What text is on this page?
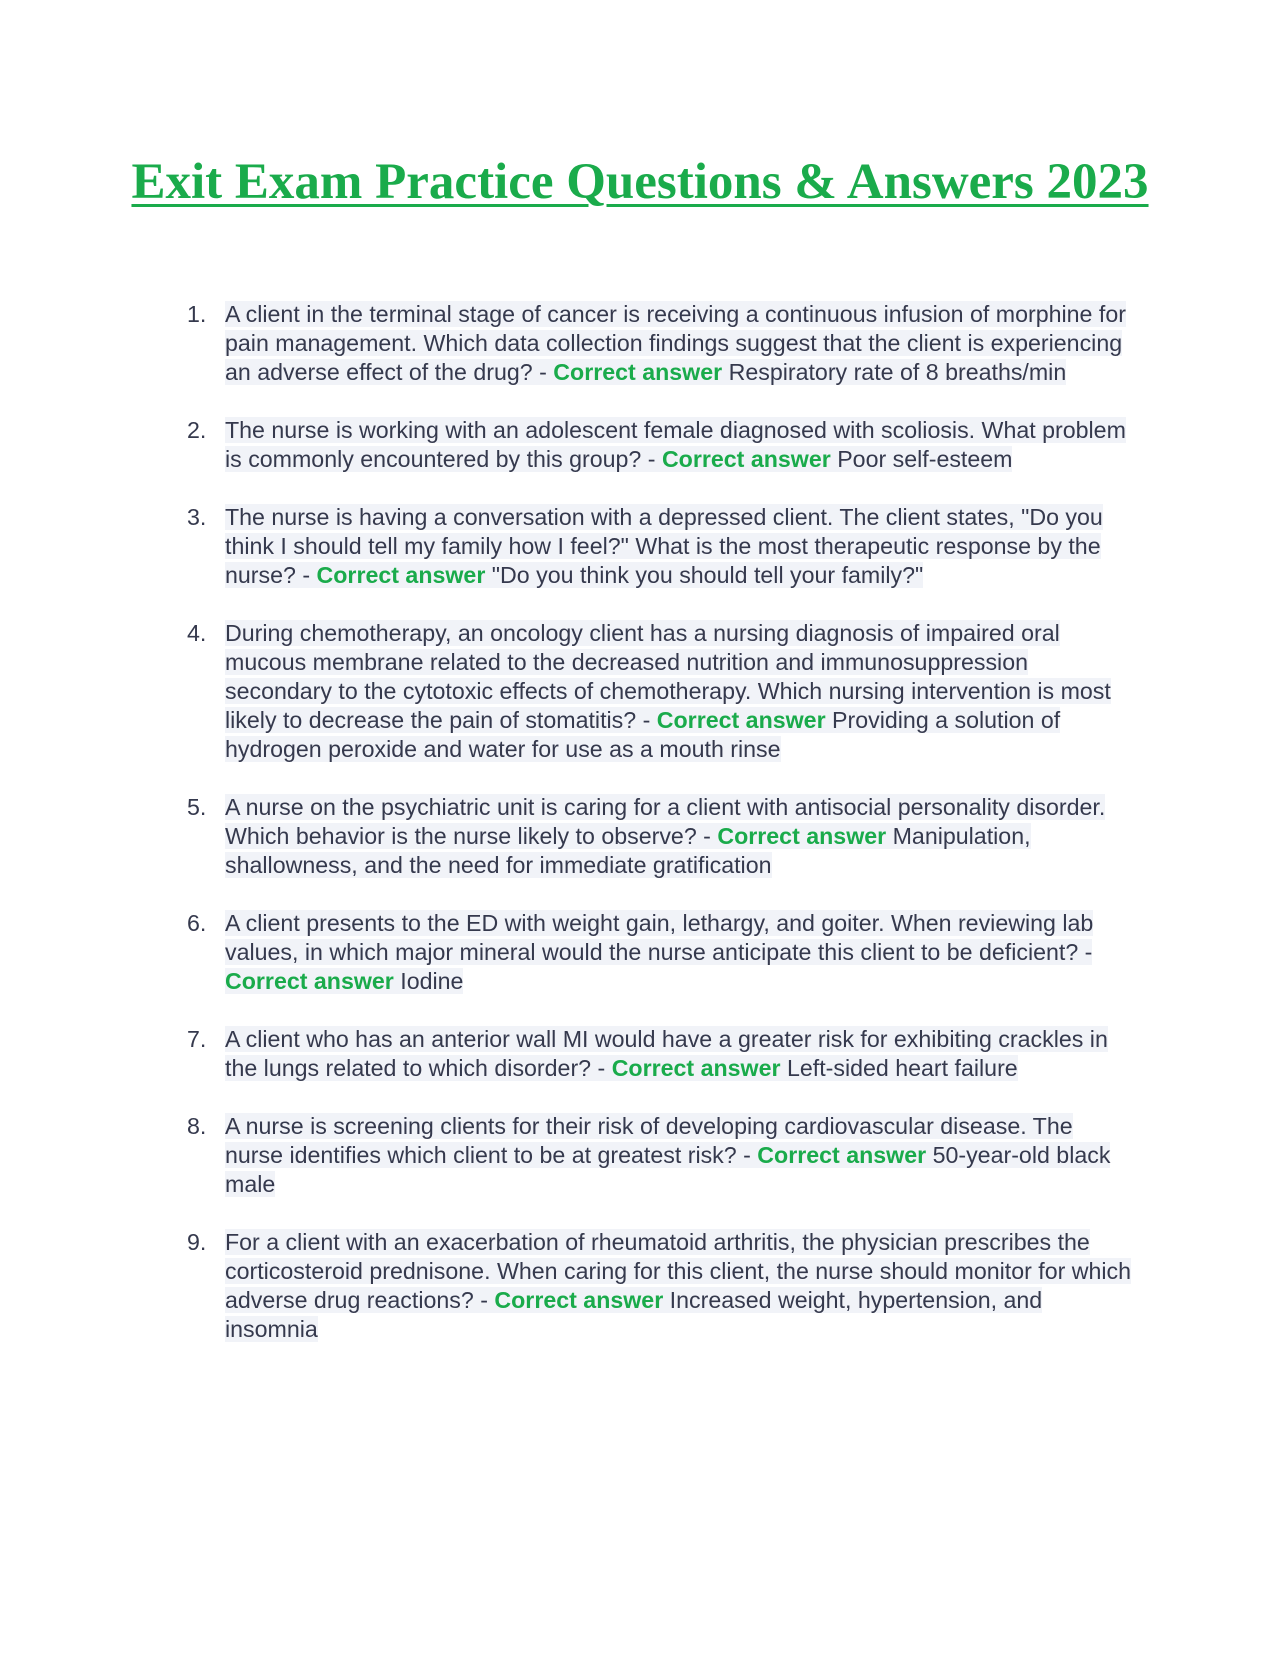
Exit Exam Practice Questions & Answers 2023
1. A client in the terminal stage of cancer is receiving a continuous infusion of morphine for pain management. Which data collection findings suggest that the client is experiencing an adverse effect of the drug? - Correct answer Respiratory rate of 8 breaths/min
2. The nurse is working with an adolescent female diagnosed with scoliosis. What problem is commonly encountered by this group? - Correct answer Poor self-esteem
3. The nurse is having a conversation with a depressed client. The client states, "Do you think I should tell my family how I feel?" What is the most therapeutic response by the nurse? - Correct answer "Do you think you should tell your family?"
4. During chemotherapy, an oncology client has a nursing diagnosis of impaired oral mucous membrane related to the decreased nutrition and immunosuppression secondary to the cytotoxic effects of chemotherapy. Which nursing intervention is most likely to decrease the pain of stomatitis? - Correct answer Providing a solution of hydrogen peroxide and water for use as a mouth rinse
5. A nurse on the psychiatric unit is caring for a client with antisocial personality disorder. Which behavior is the nurse likely to observe? - Correct answer Manipulation, shallowness, and the need for immediate gratification
6. A client presents to the ED with weight gain, lethargy, and goiter. When reviewing lab values, in which major mineral would the nurse anticipate this client to be deficient? - Correct answer Iodine
7. A client who has an anterior wall MI would have a greater risk for exhibiting crackles in the lungs related to which disorder? - Correct answer Left-sided heart failure
8. A nurse is screening clients for their risk of developing cardiovascular disease. The nurse identifies which client to be at greatest risk? - Correct answer 50-year-old black male
9. For a client with an exacerbation of rheumatoid arthritis, the physician prescribes the corticosteroid prednisone. When caring for this client, the nurse should monitor for which adverse drug reactions? - Correct answer Increased weight, hypertension, and insomnia
